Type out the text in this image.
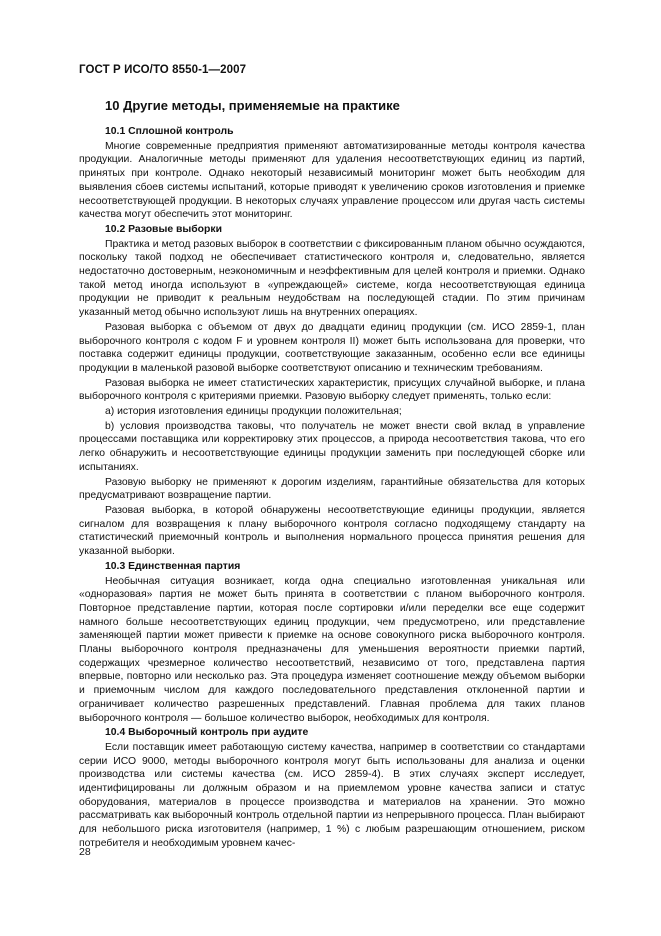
ГОСТ Р ИСО/ТО 8550-1—2007
10 Другие методы, применяемые на практике
10.1 Сплошной контроль
Многие современные предприятия применяют автоматизированные методы контроля качества продукции. Аналогичные методы применяют для удаления несоответствующих единиц из партий, принятых при контроле. Однако некоторый независимый мониторинг может быть необходим для выявления сбоев системы испытаний, которые приводят к увеличению сроков изготовления и приемке несоответствующей продукции. В некоторых случаях управление процессом или другая часть системы качества могут обеспечить этот мониторинг.
10.2 Разовые выборки
Практика и метод разовых выборок в соответствии с фиксированным планом обычно осуждаются, поскольку такой подход не обеспечивает статистического контроля и, следовательно, является недостаточно достоверным, неэкономичным и неэффективным для целей контроля и приемки. Однако такой метод иногда используют в «упреждающей» системе, когда несоответствующая единица продукции не приводит к реальным неудобствам на последующей стадии. По этим причинам указанный метод обычно используют лишь на внутренних операциях.
Разовая выборка с объемом от двух до двадцати единиц продукции (см. ИСО 2859-1, план выборочного контроля с кодом F и уровнем контроля II) может быть использована для проверки, что поставка содержит единицы продукции, соответствующие заказанным, особенно если все единицы продукции в маленькой разовой выборке соответствуют описанию и техническим требованиям.
Разовая выборка не имеет статистических характеристик, присущих случайной выборке, и плана выборочного контроля с критериями приемки. Разовую выборку следует применять, только если:
a) история изготовления единицы продукции положительная;
b) условия производства таковы, что получатель не может внести свой вклад в управление процессами поставщика или корректировку этих процессов, а природа несоответствия такова, что его легко обнаружить и несоответствующие единицы продукции заменить при последующей сборке или испытаниях.
Разовую выборку не применяют к дорогим изделиям, гарантийные обязательства для которых предусматривают возвращение партии.
Разовая выборка, в которой обнаружены несоответствующие единицы продукции, является сигналом для возвращения к плану выборочного контроля согласно подходящему стандарту на статистический приемочный контроль и выполнения нормального процесса принятия решения для указанной выборки.
10.3 Единственная партия
Необычная ситуация возникает, когда одна специально изготовленная уникальная или «одноразовая» партия не может быть принята в соответствии с планом выборочного контроля. Повторное представление партии, которая после сортировки и/или переделки все еще содержит намного больше несоответствующих единиц продукции, чем предусмотрено, или представление заменяющей партии может привести к приемке на основе совокупного риска выборочного контроля. Планы выборочного контроля предназначены для уменьшения вероятности приемки партий, содержащих чрезмерное количество несоответствий, независимо от того, представлена партия впервые, повторно или несколько раз. Эта процедура изменяет соотношение между объемом выборки и приемочным числом для каждого последовательного представления отклоненной партии и ограничивает количество разрешенных представлений. Главная проблема для таких планов выборочного контроля — большое количество выборок, необходимых для контроля.
10.4 Выборочный контроль при аудите
Если поставщик имеет работающую систему качества, например в соответствии со стандартами серии ИСО 9000, методы выборочного контроля могут быть использованы для анализа и оценки производства или системы качества (см. ИСО 2859-4). В этих случаях эксперт исследует, идентифицированы ли должным образом и на приемлемом уровне качества записи и статус оборудования, материалов в процессе производства и материалов на хранении. Это можно рассматривать как выборочный контроль отдельной партии из непрерывного процесса. План выбирают для небольшого риска изготовителя (например, 1 %) с любым разрешающим отношением, риском потребителя и необходимым уровнем качес-
28
